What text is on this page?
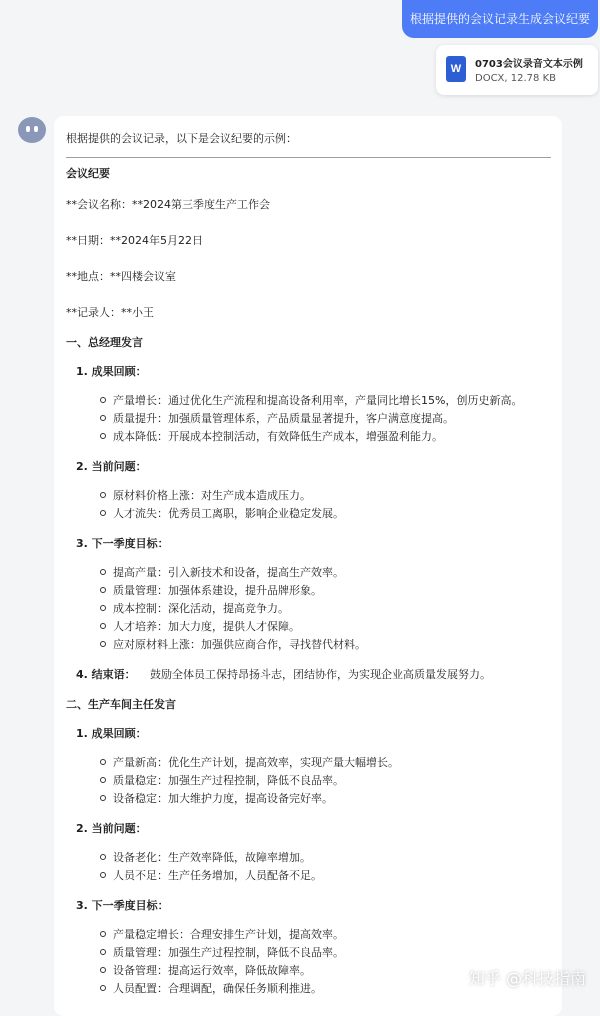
根据提供的会议记录生成会议纪要
W	0703会议录音文本示例
DOCX, 12.78 KB
根据提供的会议记录，以下是会议纪要的示例：
会议纪要
**会议名称：**2024第三季度生产工作会
**日期：**2024年5月22日
**地点：**四楼会议室
**记录人：**小王
一、总经理发言
1. 成果回顾：
产量增长：通过优化生产流程和提高设备利用率，产量同比增长15%，创历史新高。
质量提升：加强质量管理体系，产品质量显著提升，客户满意度提高。
成本降低：开展成本控制活动，有效降低生产成本，增强盈利能力。
2. 当前问题：
原材料价格上涨：对生产成本造成压力。
人才流失：优秀员工离职，影响企业稳定发展。
3. 下一季度目标：
提高产量：引入新技术和设备，提高生产效率。
质量管理：加强体系建设，提升品牌形象。
成本控制：深化活动，提高竞争力。
人才培养：加大力度，提供人才保障。
应对原材料上涨：加强供应商合作，寻找替代材料。
4. 结束语： 鼓励全体员工保持昂扬斗志，团结协作，为实现企业高质量发展努力。
二、生产车间主任发言
1. 成果回顾：
产量新高：优化生产计划，提高效率，实现产量大幅增长。
质量稳定：加强生产过程控制，降低不良品率。
设备稳定：加大维护力度，提高设备完好率。
2. 当前问题：
设备老化：生产效率降低，故障率增加。
人员不足：生产任务增加，人员配备不足。
3. 下一季度目标：
产量稳定增长：合理安排生产计划，提高效率。
质量管理：加强生产过程控制，降低不良品率。
设备管理：提高运行效率，降低故障率。
人员配置：合理调配，确保任务顺利推进。
知乎 @科技指南
